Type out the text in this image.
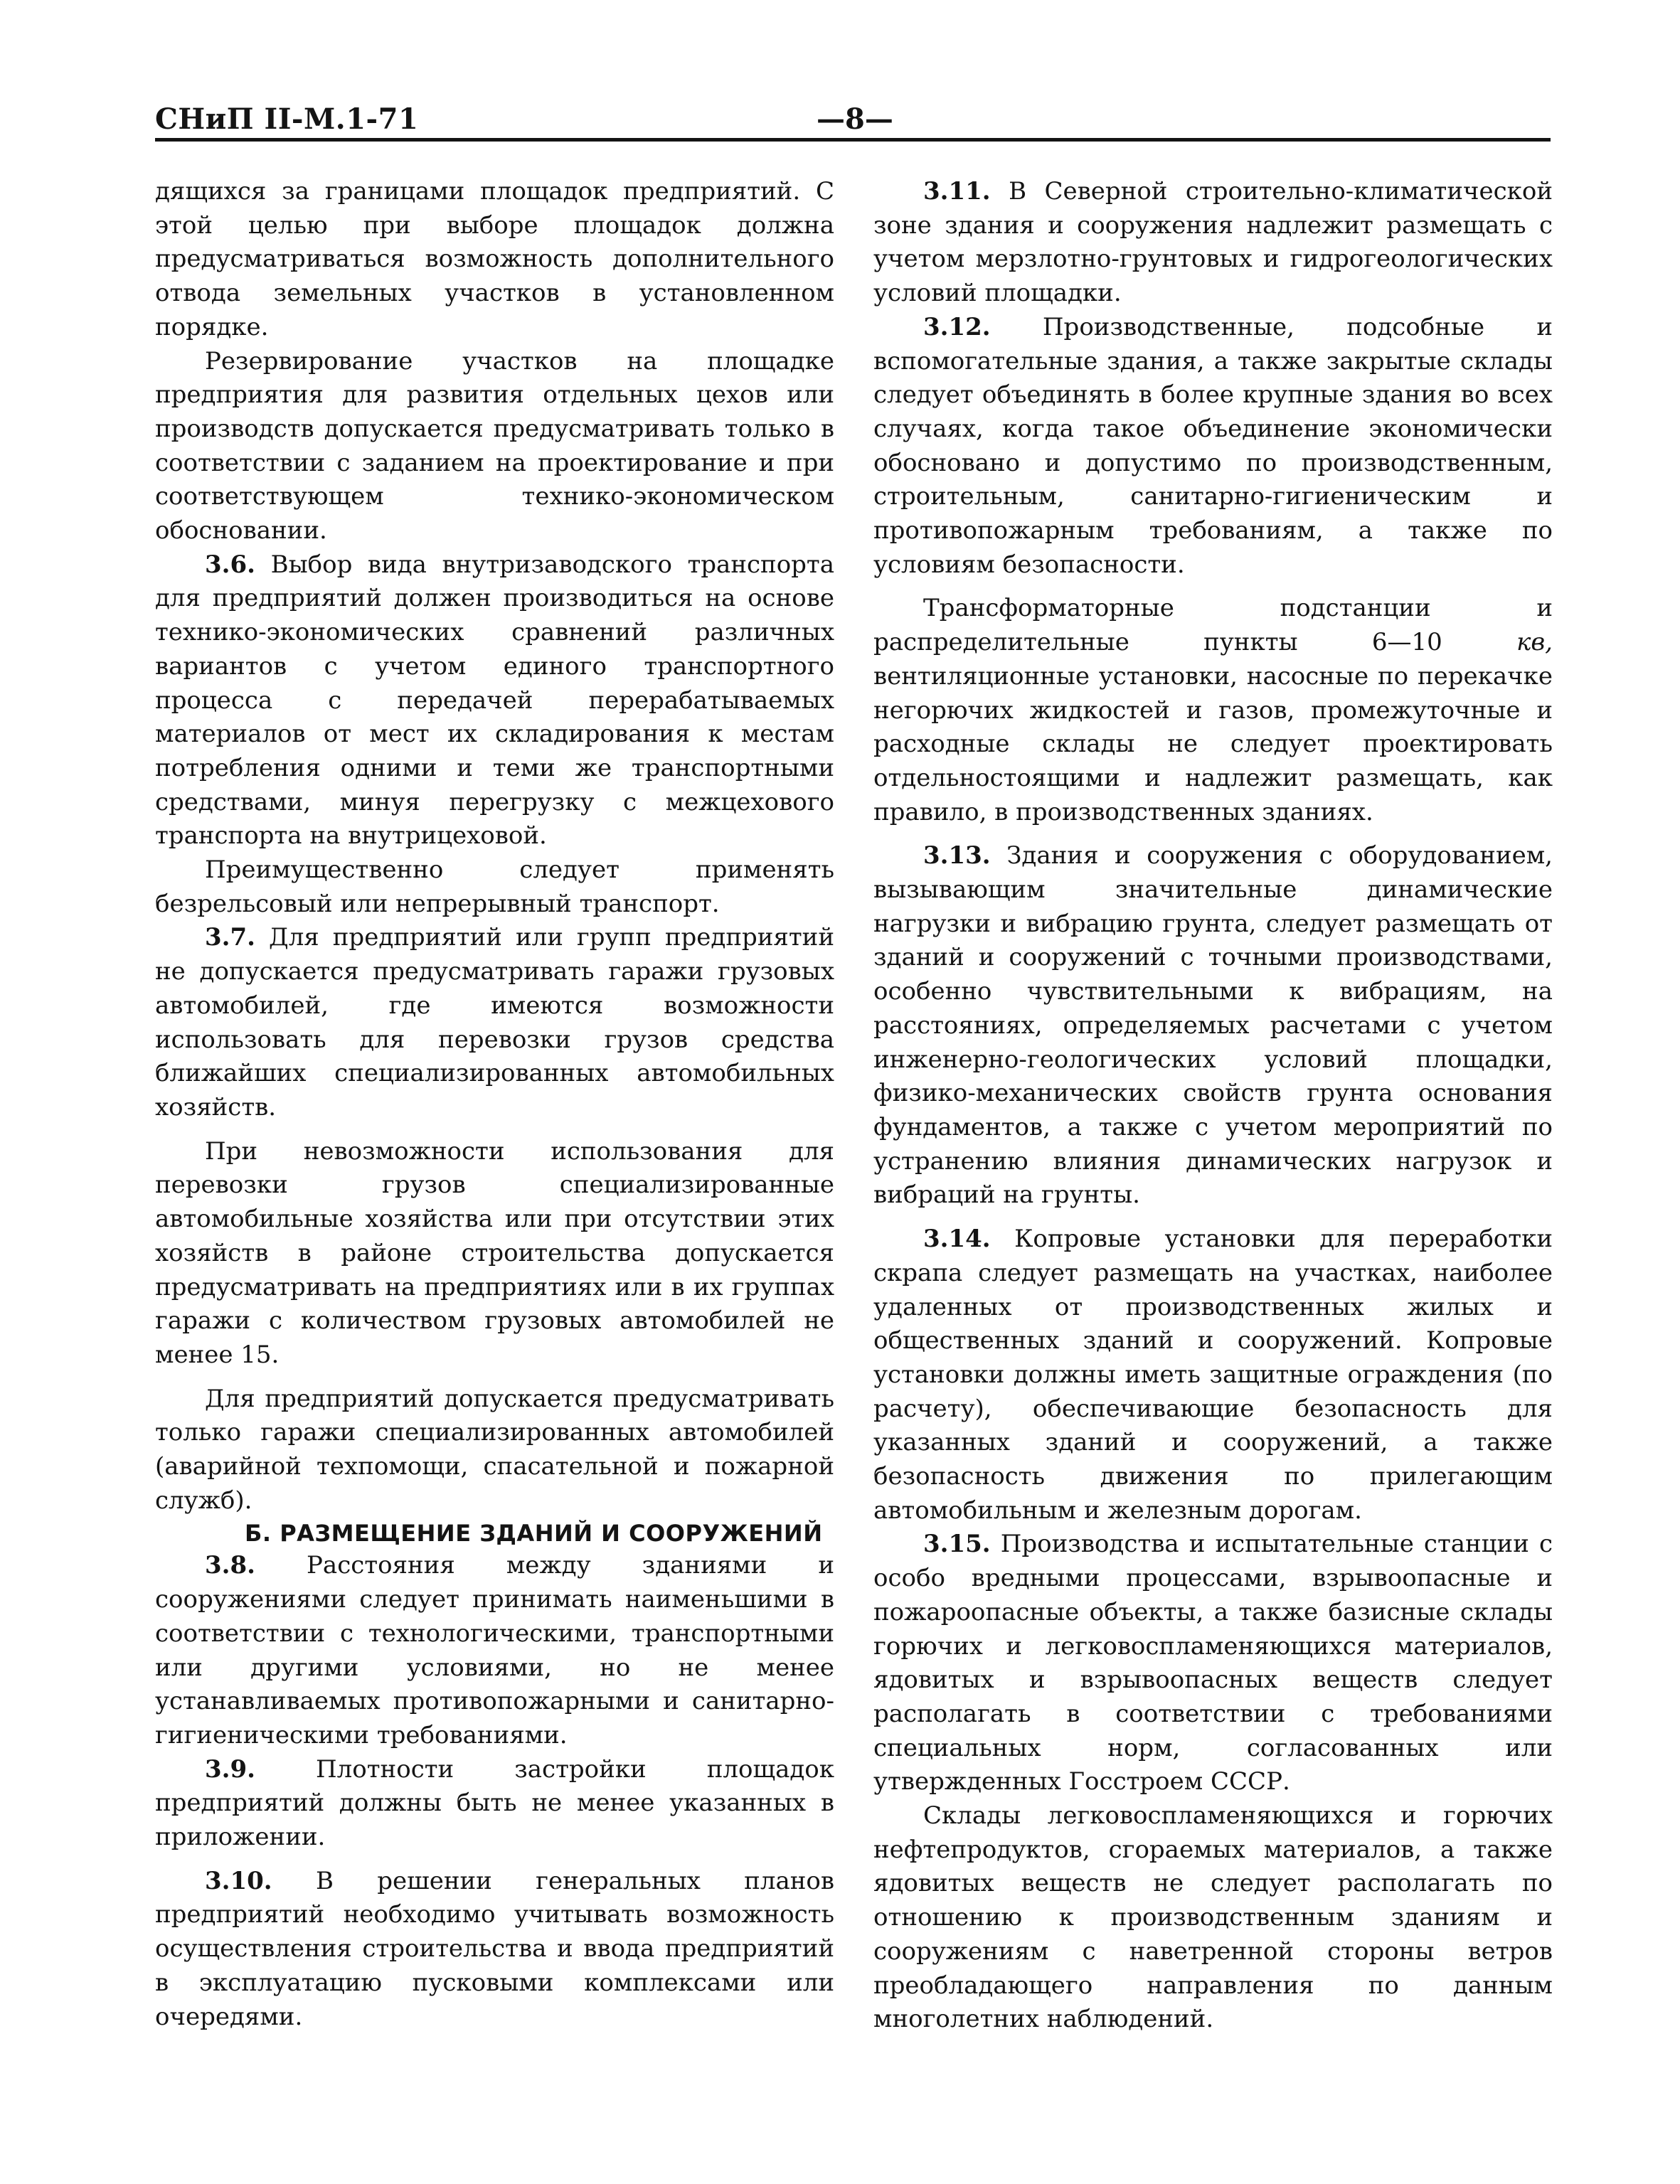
СНиП II-М.1-71	—8—

дящихся за границами площадок предприятий. С этой целью при выборе площадок должна предусматриваться возможность дополнительного отвода земельных участков в установленном порядке.

Резервирование участков на площадке предприятия для развития отдельных цехов или производств допускается предусматривать только в соответствии с заданием на проектирование и при соответствующем технико-экономическом обосновании.

3.6. Выбор вида внутризаводского транспорта для предприятий должен производиться на основе технико-экономических сравнений различных вариантов с учетом единого транспортного процесса с передачей перерабатываемых материалов от мест их складирования к местам потребления одними и теми же транспортными средствами, минуя перегрузку с межцехового транспорта на внутрицеховой.

Преимущественно следует применять безрельсовый или непрерывный транспорт.

3.7. Для предприятий или групп предприятий не допускается предусматривать гаражи грузовых автомобилей, где имеются возможности использовать для перевозки грузов средства ближайших специализированных автомобильных хозяйств.

При невозможности использования для перевозки грузов специализированные автомобильные хозяйства или при отсутствии этих хозяйств в районе строительства допускается предусматривать на предприятиях или в их группах гаражи с количеством грузовых автомобилей не менее 15.

Для предприятий допускается предусматривать только гаражи специализированных автомобилей (аварийной техпомощи, спасательной и пожарной служб).

Б. РАЗМЕЩЕНИЕ ЗДАНИЙ И СООРУЖЕНИЙ

3.8. Расстояния между зданиями и сооружениями следует принимать наименьшими в соответствии с технологическими, транспортными или другими условиями, но не менее устанавливаемых противопожарными и санитарно-гигиеническими требованиями.

3.9.	Плотности застройки площадок предприятий должны быть не менее указанных в приложении.

3.10. В решении генеральных планов предприятий необходимо учитывать возможность осуществления строительства и ввода предприятий в эксплуатацию пусковыми комплексами или очередями.

3.11. В Северной строительно-климатической зоне здания и сооружения надлежит размещать с учетом мерзлотно-грунтовых и гидрогеологических условий площадки.

3.12. Производственные, подсобные и вспомогательные здания, а также закрытые склады следует объединять в более крупные здания во всех случаях, когда такое объединение экономически обосновано и допустимо по производственным, строительным, санитарно-гигиеническим и противопожарным требованиям, а также по условиям безопасности.

Трансформаторные подстанции и распределительные пункты 6—10 кв, вентиляционные установки, насосные по перекачке негорючих жидкостей и газов, промежуточные и расходные склады не следует проектировать отдельностоящими и надлежит размещать, как правило, в производственных зданиях.

3.13. Здания и сооружения с оборудованием, вызывающим значительные динамические нагрузки и вибрацию грунта, следует размещать от зданий и сооружений с точными производствами, особенно чувствительными к вибрациям, на расстояниях, определяемых расчетами с учетом инженерно-геологических условий площадки, физико-механических свойств грунта основания фундаментов, а также с учетом мероприятий по устранению влияния динамических нагрузок и вибраций на грунты.

3.14. Копровые установки для переработки скрапа следует размещать на участках, наиболее удаленных от производственных жилых и общественных зданий и сооружений. Копровые установки должны иметь защитные ограждения (по расчету), обеспечивающие безопасность для указанных зданий и сооружений, а также безопасность движения по прилегающим автомобильным и железным дорогам.

3.15. Производства и испытательные станции с особо вредными процессами, взрывоопасные и пожароопасные объекты, а также базисные склады горючих и легковоспламеняющихся материалов, ядовитых и взрывоопасных веществ следует располагать в соответствии с требованиями специальных норм, согласованных или утвержденных Госстроем СССР.

Склады легковоспламеняющихся и горючих нефтепродуктов, сгораемых материалов, а также ядовитых веществ не следует располагать по отношению к производственным зданиям и сооружениям с наветренной стороны ветров преобладающего направления по данным многолетних наблюдений.
